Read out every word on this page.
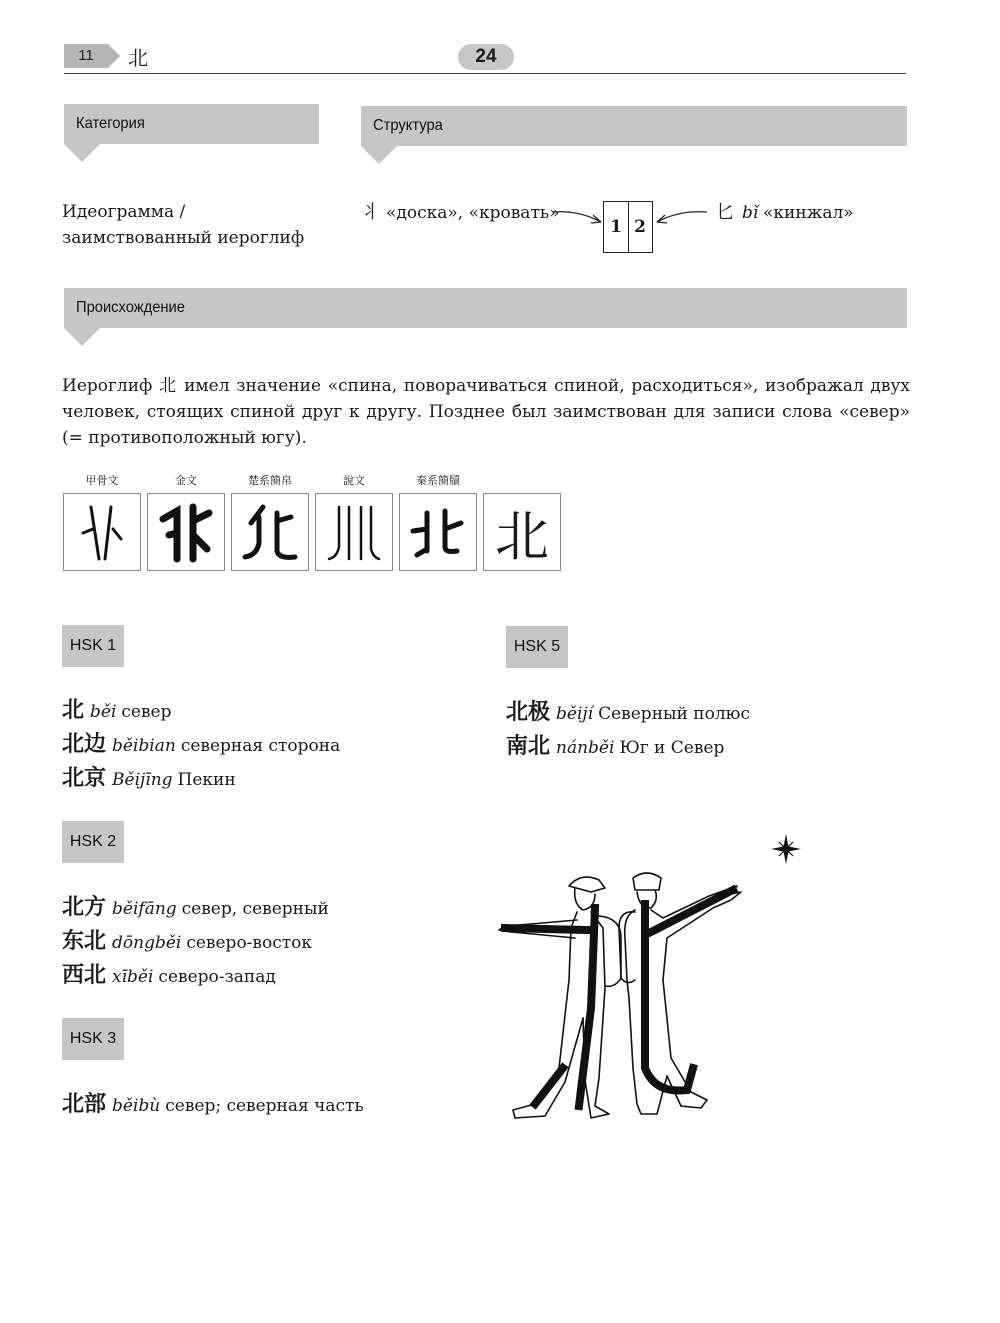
11	北	24
Категория	Структура
Идеограмма /
заимствованный иероглиф
丬 «доска», «кровать»
1 2
匕 bǐ «кинжал»
Происхождение
Иероглиф 北 имел значение «спина, поворачиваться спиной, расходиться», изображал двух человек, стоящих спиной друг к другу. Позднее был заимствован для записи слова «север» (= противоположный югу).
甲骨文	金文	楚系簡帛	說文	秦系簡牘
北
HSK 1
北 běi север
北边 běibian северная сторона
北京 Běijīng Пекин
HSK 2
北方 běifāng север, северный
东北 dōngběi северо-восток
西北 xīběi северо-запад
HSK 3
北部 běibù север; северная часть
HSK 5
北极 běijí Северный полюс
南北 nánběi Юг и Север
